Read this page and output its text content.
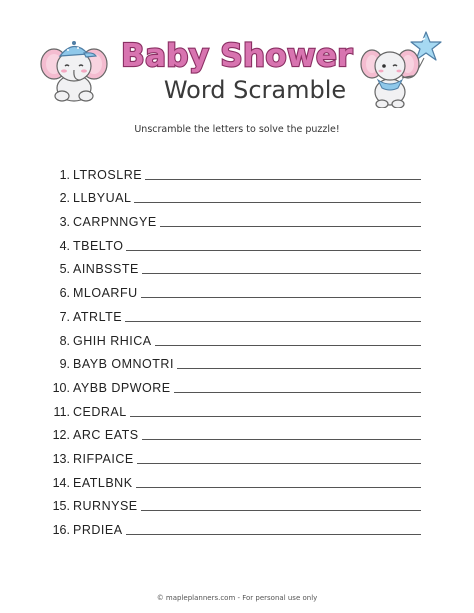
Baby Shower
Word Scramble
Unscramble the letters to solve the puzzle!
1. LTROSLRE
2. LLBYUAL
3. CARPNNGYE
4. TBELTO
5. AINBSSTE
6. MLOARFU
7. ATRLTE
8. GHIH RHICA
9. BAYB OMNOTRI
10. AYBB DPWORE
11. CEDRAL
12. ARC EATS
13. RIFPAICE
14. EATLBNK
15. RURNYSE
16. PRDIEA
© mapleplanners.com - For personal use only
